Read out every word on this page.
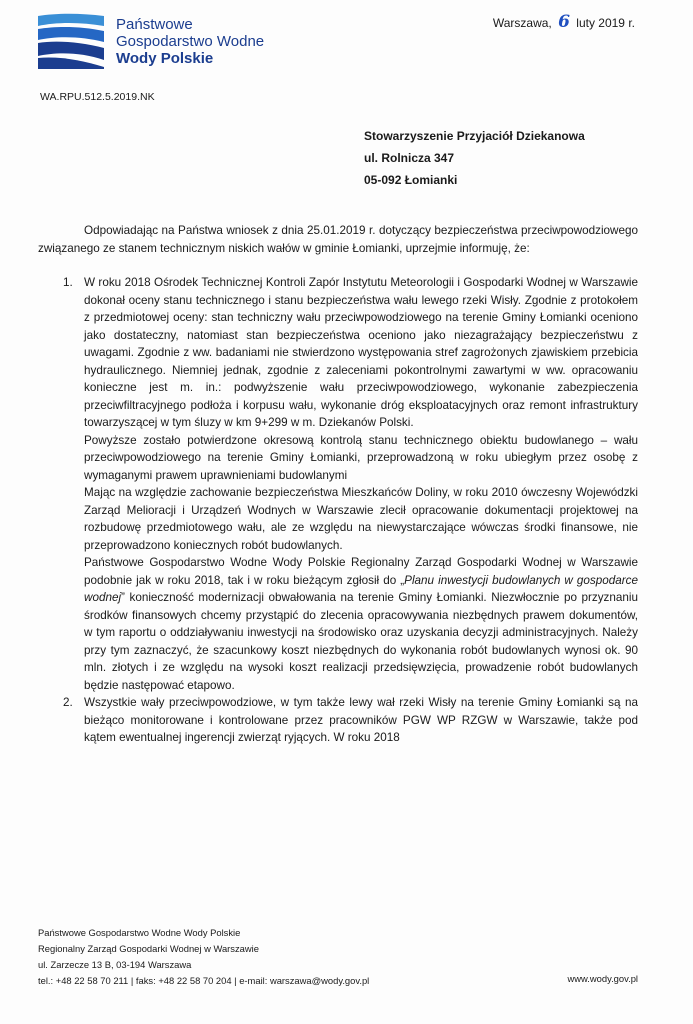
Państwowe
Gospodarstwo Wodne
Wody Polskie
Warszawa, 6 luty 2019 r.
WA.RPU.512.5.2019.NK
Stowarzyszenie Przyjaciół Dziekanowa
ul. Rolnicza 347
05-092 Łomianki

Odpowiadając na Państwa wniosek z dnia 25.01.2019 r. dotyczący bezpieczeństwa przeciwpowodziowego związanego ze stanem technicznym niskich wałów w gminie Łomianki, uprzejmie informuję, że:

1. W roku 2018 Ośrodek Technicznej Kontroli Zapór Instytutu Meteorologii i Gospodarki Wodnej w Warszawie dokonał oceny stanu technicznego i stanu bezpieczeństwa wału lewego rzeki Wisły. Zgodnie z protokołem z przedmiotowej oceny: stan techniczny wału przeciwpowodziowego na terenie Gminy Łomianki oceniono jako dostateczny, natomiast stan bezpieczeństwa oceniono jako niezagrażający bezpieczeństwu z uwagami. Zgodnie z ww. badaniami nie stwierdzono występowania stref zagrożonych zjawiskiem przebicia hydraulicznego. Niemniej jednak, zgodnie z zaleceniami pokontrolnymi zawartymi w ww. opracowaniu konieczne jest m. in.: podwyższenie wału przeciwpowodziowego, wykonanie zabezpieczenia przeciwfiltracyjnego podłoża i korpusu wału, wykonanie dróg eksploatacyjnych oraz remont infrastruktury towarzyszącej w tym śluzy w km 9+299 w m. Dziekanów Polski.

Powyższe zostało potwierdzone okresową kontrolą stanu technicznego obiektu budowlanego – wału przeciwpowodziowego na terenie Gminy Łomianki, przeprowadzoną w roku ubiegłym przez osobę z wymaganymi prawem uprawnieniami budowlanymi

Mając na względzie zachowanie bezpieczeństwa Mieszkańców Doliny, w roku 2010 ówczesny Wojewódzki Zarząd Melioracji i Urządzeń Wodnych w Warszawie zlecił opracowanie dokumentacji projektowej na rozbudowę przedmiotowego wału, ale ze względu na niewystarczające wówczas środki finansowe, nie przeprowadzono koniecznych robót budowlanych.

Państwowe Gospodarstwo Wodne Wody Polskie Regionalny Zarząd Gospodarki Wodnej w Warszawie podobnie jak w roku 2018, tak i w roku bieżącym zgłosił do „Planu inwestycji budowlanych w gospodarce wodnej” konieczność modernizacji obwałowania na terenie Gminy Łomianki. Niezwłocznie po przyznaniu środków finansowych chcemy przystąpić do zlecenia opracowywania niezbędnych prawem dokumentów, w tym raportu o oddziaływaniu inwestycji na środowisko oraz uzyskania decyzji administracyjnych. Należy przy tym zaznaczyć, że szacunkowy koszt niezbędnych do wykonania robót budowlanych wynosi ok. 90 mln. złotych i ze względu na wysoki koszt realizacji przedsięwzięcia, prowadzenie robót budowlanych będzie następować etapowo.

2. Wszystkie wały przeciwpowodziowe, w tym także lewy wał rzeki Wisły na terenie Gminy Łomianki są na bieżąco monitorowane i kontrolowane przez pracowników PGW WP RZGW w Warszawie, także pod kątem ewentualnej ingerencji zwierząt ryjących. W roku 2018

Państwowe Gospodarstwo Wodne Wody Polskie
Regionalny Zarząd Gospodarki Wodnej w Warszawie
ul. Zarzecze 13 B, 03-194 Warszawa
tel.: +48 22 58 70 211 | faks: +48 22 58 70 204 | e-mail: warszawa@wody.gov.pl	www.wody.gov.pl
